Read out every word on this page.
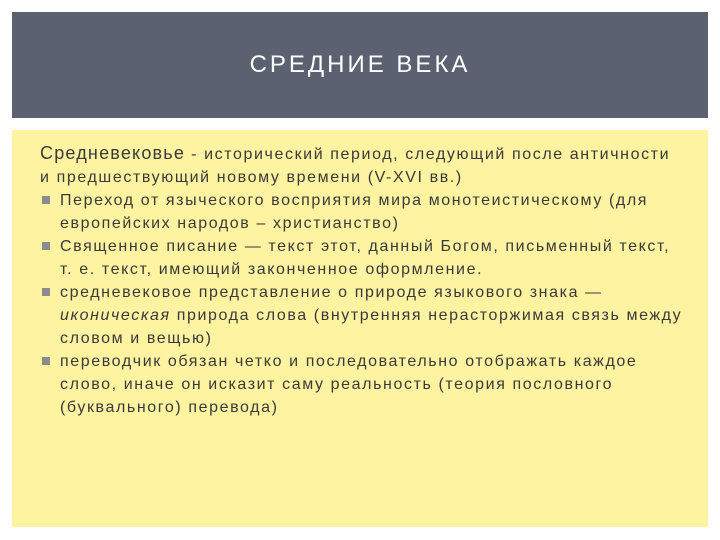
СРЕДНИЕ ВЕКА

Средневековье - исторический период, следующий после античности и предшествующий новому времени (V-XVI вв.)

Переход от языческого восприятия мира монотеистическому (для европейских народов – христианство)
Священное писание — текст этот, данный Богом, письменный текст, т. е. текст, имеющий законченное оформление.
средневековое представление о природе языкового знака — иконическая природа слова (внутренняя нерасторжимая связь между словом и вещью)
переводчик обязан четко и последовательно отображать каждое слово, иначе он исказит саму реальность (теория пословного (буквального) перевода)
